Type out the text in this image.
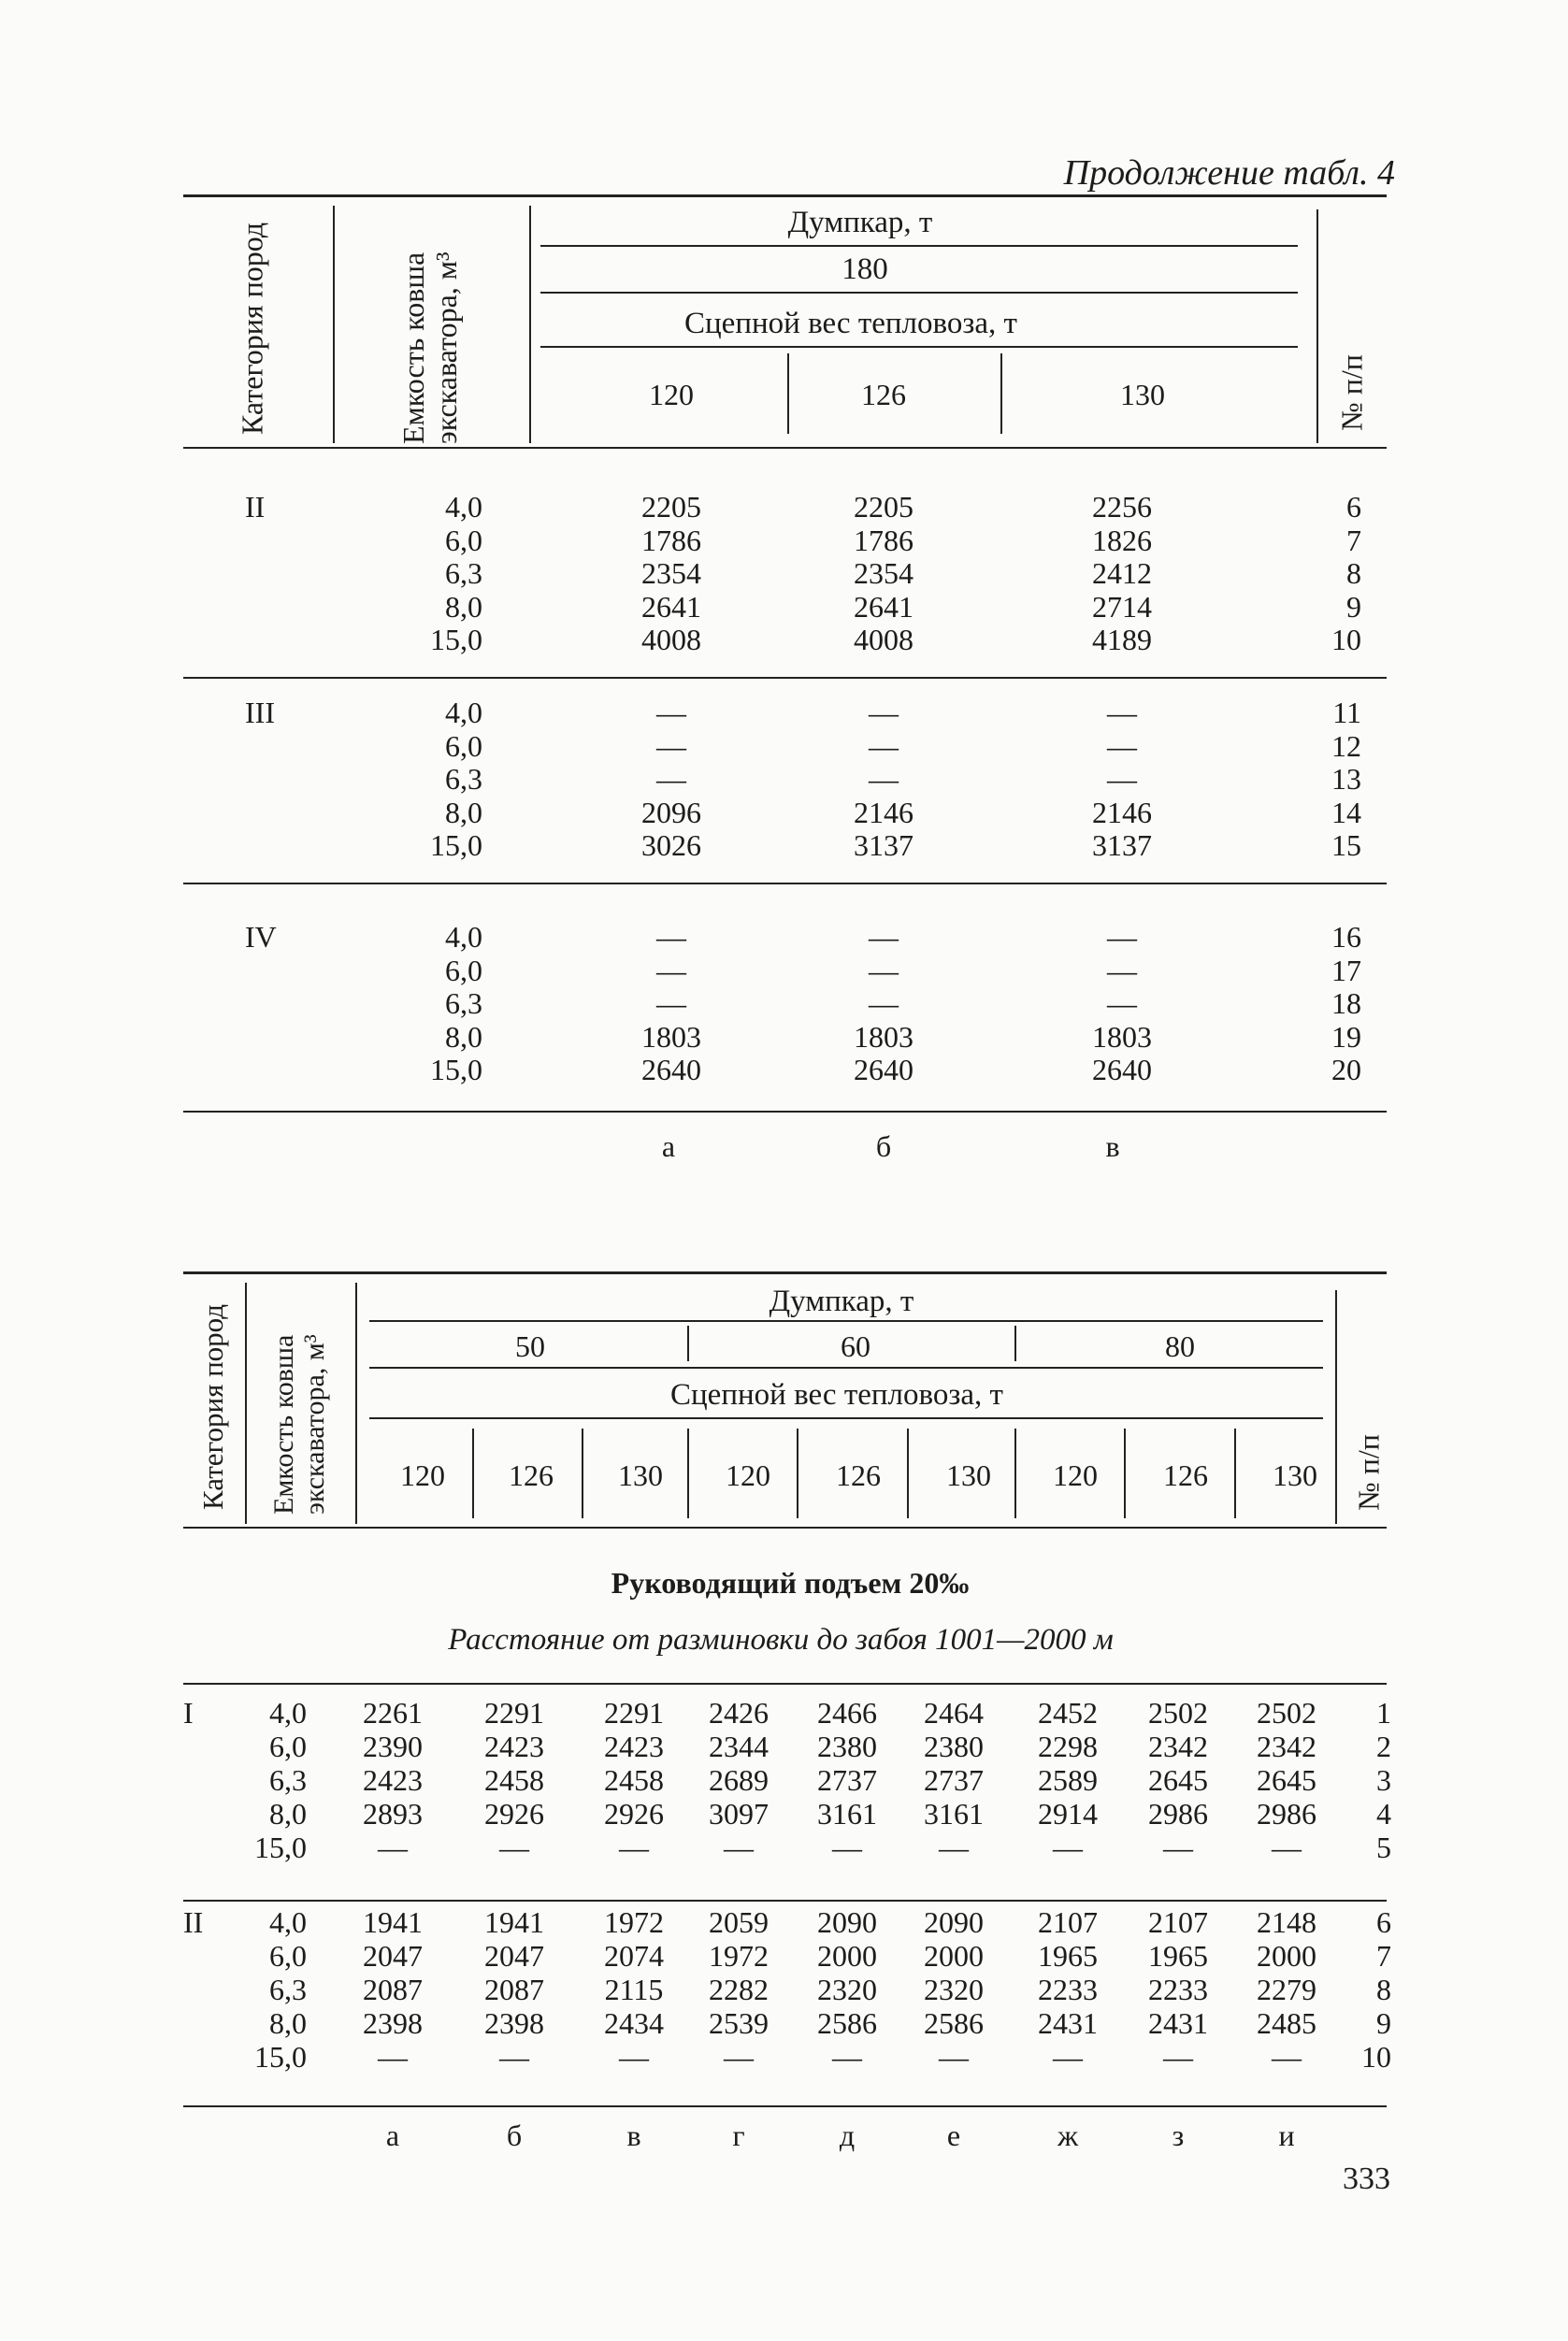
Продолжение табл. 4
Категория пород	Емкость ковша экскаватора, м³	№ п/п
Думпкар, т
180
Сцепной вес тепловоза, т
120	126	130
II	4,0	2205	2205	2256	6
6,0	1786	1786	1826	7
6,3	2354	2354	2412	8
8,0	2641	2641	2714	9
15,0	4008	4008	4189	10
III	4,0	—	—	—	11
6,0	—	—	—	12
6,3	—	—	—	13
8,0	2096	2146	2146	14
15,0	3026	3137	3137	15
IV	4,0	—	—	—	16
6,0	—	—	—	17
6,3	—	—	—	18
8,0	1803	1803	1803	19
15,0	2640	2640	2640	20
а	б	в
Категория пород Емкость ковша экскаватора, м³	№ п/п
Думпкар, т
50	60	80
Сцепной вес тепловоза, т
120 126 130 120 126 130 120 126 130
Руководящий подъем 20‰
Расстояние от разминовки до забоя 1001—2000 м
I	4,0 2261 2291 2291 2426 2466 2464 2452 2502 2502 1
6,0 2390 2423 2423 2344 2380 2380 2298 2342 2342 2
6,3 2423 2458 2458 2689 2737 2737 2589 2645 2645 3
8,0 2893 2926 2926 3097 3161 3161 2914 2986 2986 4
15,0 —	—	—	—	—	—	—	—	—	5
II 4,0 1941 1941 1972 2059 2090 2090 2107 2107 2148 6
6,0 2047 2047 2074 1972 2000 2000 1965 1965 2000 7
6,3 2087 2087 2115 2282 2320 2320 2233 2233 2279 8
8,0 2398 2398 2434 2539 2586 2586 2431 2431 2485 9
15,0 —	—	—	—	—	—	—	—	— 10
а	б	в	г	д	е	ж	з	и
333
